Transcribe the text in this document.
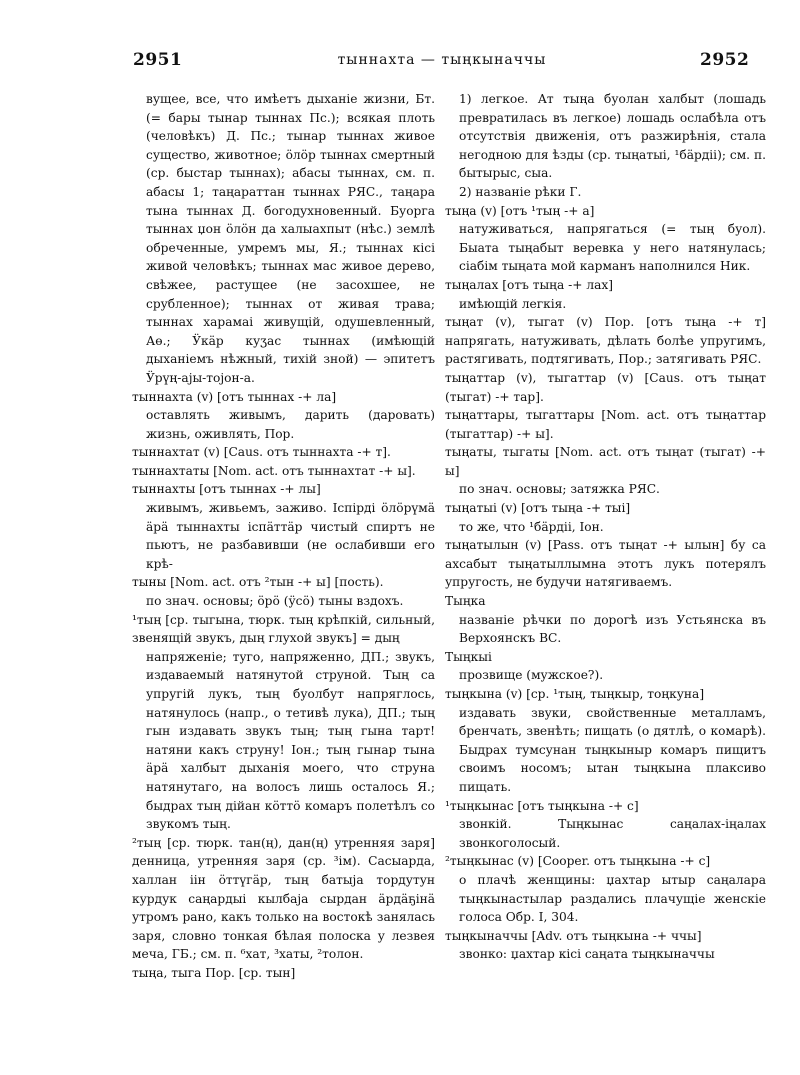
2951	тыннахта — тыңкыначчы	2952

вущее, все, что имѣетъ дыханіе жизни, Бт. (= бары тынар тыннах Пс.); всякая плоть (человѣкъ) Д. Пс.; тынар тыннах живое существо, животное; ӧлӧр тыннах смертный (ср. быстар тыннах); абасы тыннах, см. п. абасы 1; таңараттан тыннах РЯС., таңара тына тыннах Д. богодухновенный. Буорга тыннах џон ӧлӧн да халыахпыт (нѣс.) землѣ обреченные, умремъ мы, Я.; тыннах кісі живой человѣкъ; тыннах мас живое дерево, свѣжее, растущее (не засохшее, не срубленное); тыннах от живая трава; тыннах харамаі живущій, одушевленный, Аө.; Ӱкӓр куӡас тыннах (имѣющій дыханіемъ нѣжный, тихій зной) — эпитетъ Ӱрүң-аjы-тојон-а.

тыннахта (v) [отъ тыннах -+ ла]

оставлять живымъ, дарить (даровать) жизнь, оживлять, Пор.

тыннахтат (v) [Caus. отъ тыннахта -+ т].

тыннахтаты [Nom. act. отъ тыннахтат -+ ы].

тыннахты [отъ тыннах -+ лы]

живымъ, живьемъ, заживо. Іспірді ӧлӧрүмӓ ӓрӓ тыннахты іспӓттӓр чистый спиртъ не пьютъ, не разбавивши (не ослабивши его крѣ-

тыны [Nom. act. отъ ²тын -+ ы] [пость).

по знач. основы; ӧрӧ (ӱсӧ) тыны вздохъ.

¹тың [ср. тыгына, тюрк. тың крѣпкій, сильный, звенящій звукъ, дың глухой звукъ] = дың

напряженіе; туго, напряженно, ДП.; звукъ, издаваемый натянутой струной. Тың са упругій лукъ, тың буолбут напряглось, натянулось (напр., о тетивѣ лука), ДП.; тың гын издавать звукъ тың; тың гына тарт! натяни какъ струну! Іон.; тың гынар тына ӓрӓ халбыт дыханія моего, что струна натянутаго, на волосъ лишь осталось Я.; быдрах тың дійан кӧттӧ комаръ полетѣлъ со звукомъ тың.

²тың [ср. тюрк. тан(ң), дан(ң) утренняя заря] денница, утренняя заря (ср. ³ім). Сасыарда, халлан іін ӧттүгӓр, тың батыја тордутун курдук саңардыі кылбаја сырдан ӓрдӓҕінӓ утромъ рано, какъ только на востокѣ занялась заря, словно тонкая бѣлая полоска у лезвея меча, ГБ.; см. п. ⁶хат, ³хаты, ²толон.

тыңа, тыга Пор. [ср. тын]

1) легкое. Ат тыңа буолан халбыт (лошадь превратилась въ легкое) лошадь ослабѣла отъ отсутствія движенія, отъ разжирѣнія, стала негодною для ѣзды (ср. тыңатыі, ¹бӓрдіі); см. п. бытырыс, сыа.

2) названіе рѣки Г.

тыңа (v) [отъ ¹тың -+ а]

натуживаться, напрягаться (= тың буол). Быата тыңабыт веревка у него натянулась; сіабім тыңата мой карманъ наполнился Ник.

тыңалах [отъ тыңа -+ лах]

имѣющій легкія.

тыңат (v), тыгат (v) Пор. [отъ тыңа -+ т] напрягать, натуживать, дѣлать болѣе упругимъ, растягивать, подтягивать, Пор.; затягивать РЯС.

тыңаттар (v), тыгаттар (v) [Caus. отъ тыңат (тыгат) -+ тар].

тыңаттары, тыгаттары [Nom. act. отъ тыңаттар (тыгаттар) -+ ы].

тыңаты, тыгаты [Nom. act. отъ тыңат (тыгат) -+ ы]

по знач. основы; затяжка РЯС.

тыңатыі (v) [отъ тыңа -+ тыі]

то же, что ¹бӓрдіі, Іон.

тыңатылын (v) [Pass. отъ тыңат -+ ылын] бу са ахсабыт тыңатыллымна этотъ лукъ потерялъ упругость, не будучи натягиваемъ.

Тыңка

названіе рѣчки по дорогѣ изъ Устьянска въ Верхоянскъ ВС.

Тыңкыі

прозвище (мужское?).

тыңкына (v) [ср. ¹тың, тыңкыр, тоңкуна]

издавать звуки, свойственные металламъ, бренчать, звенѣть; пищать (о дятлѣ, о комарѣ). Быдрах тумсунан тыңкыныр комаръ пищитъ своимъ носомъ; ытан тыңкына плаксиво пищать.

¹тыңкынас [отъ тыңкына -+ с]

звонкій. Тыңкынас саңалах-іңалах звонкоголосый.

²тыңкынас (v) [Cooper. отъ тыңкына -+ с]

о плачѣ женщины: џахтар ытыр саңалара тыңкынастылар раздались плачущіе женскіе голоса Обр. I, 304.

тыңкыначчы [Adv. отъ тыңкына -+ ччы]

звонко: џахтар кісі саңата тыңкыначчы
